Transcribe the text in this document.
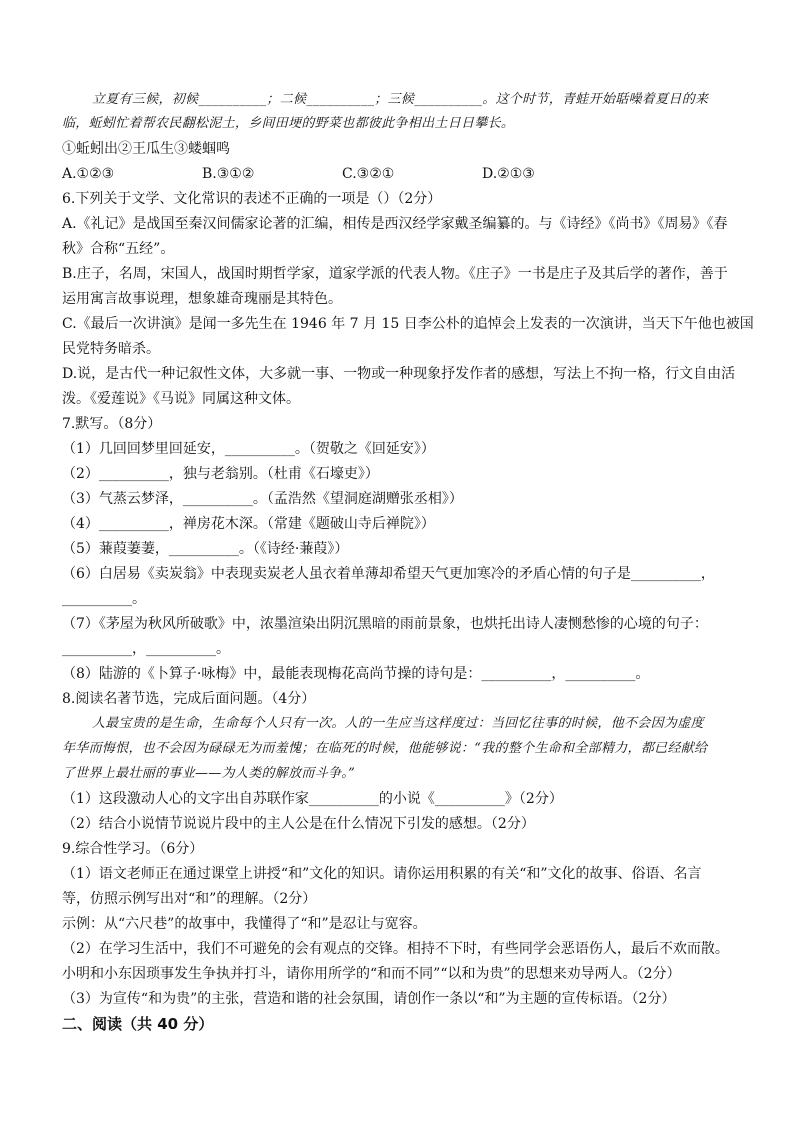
立夏有三候，初候__________；二候__________；三候__________。这个时节，青蛙开始聒噪着夏日的来
临，蚯蚓忙着帮农民翻松泥土，乡间田埂的野菜也都彼此争相出土日日攀长。
①蚯蚓出②王瓜生③蝼蝈鸣
A.①②③	B.③①②	C.③②①	D.②①③
6.下列关于文学、文化常识的表述不正确的一项是（）（2分）
A.《礼记》是战国至秦汉间儒家论著的汇编，相传是西汉经学家戴圣编纂的。与《诗经》《尚书》《周易》《春
秋》合称“五经”。
B.庄子，名周，宋国人，战国时期哲学家，道家学派的代表人物。《庄子》一书是庄子及其后学的著作，善于
运用寓言故事说理，想象雄奇瑰丽是其特色。
C.《最后一次讲演》是闻一多先生在 1946 年 7 月 15 日李公朴的追悼会上发表的一次演讲，当天下午他也被国
民党特务暗杀。
D.说，是古代一种记叙性文体，大多就一事、一物或一种现象抒发作者的感想，写法上不拘一格，行文自由活
泼。《爱莲说》《马说》同属这种文体。
7.默写。（8分）
（1）几回回梦里回延安，__________。（贺敬之《回延安》）
（2）__________，独与老翁别。（杜甫《石壕吏》）
（3）气蒸云梦泽，__________。（孟浩然《望洞庭湖赠张丞相》）
（4）__________，禅房花木深。（常建《题破山寺后禅院》）
（5）蒹葭萋萋，__________。（《诗经·蒹葭》）
（6）白居易《卖炭翁》中表现卖炭老人虽衣着单薄却希望天气更加寒冷的矛盾心情的句子是__________，
__________。
（7）《茅屋为秋风所破歌》中，浓墨渲染出阴沉黑暗的雨前景象，也烘托出诗人凄恻愁惨的心境的句子：
__________，__________。
（8）陆游的《卜算子·咏梅》中，最能表现梅花高尚节操的诗句是：__________，__________。
8.阅读名著节选，完成后面问题。（4分）
人最宝贵的是生命，生命每个人只有一次。人的一生应当这样度过：当回忆往事的时候，他不会因为虚度
年华而悔恨，也不会因为碌碌无为而羞愧；在临死的时候，他能够说：“我的整个生命和全部精力，都已经献给
了世界上最壮丽的事业——为人类的解放而斗争。”
（1）这段激动人心的文字出自苏联作家__________的小说《__________》（2分）
（2）结合小说情节说说片段中的主人公是在什么情况下引发的感想。（2分）
9.综合性学习。（6分）
（1）语文老师正在通过课堂上讲授“和”文化的知识。请你运用积累的有关“和”文化的故事、俗语、名言
等，仿照示例写出对“和”的理解。（2分）
示例：从“六尺巷”的故事中，我懂得了“和”是忍让与宽容。
（2）在学习生活中，我们不可避免的会有观点的交锋。相持不下时，有些同学会恶语伤人，最后不欢而散。
小明和小东因琐事发生争执并打斗，请你用所学的“和而不同”“以和为贵”的思想来劝导两人。（2分）
（3）为宣传“和为贵”的主张，营造和谐的社会氛围，请创作一条以“和”为主题的宣传标语。（2分）
二、阅读（共 40 分）
